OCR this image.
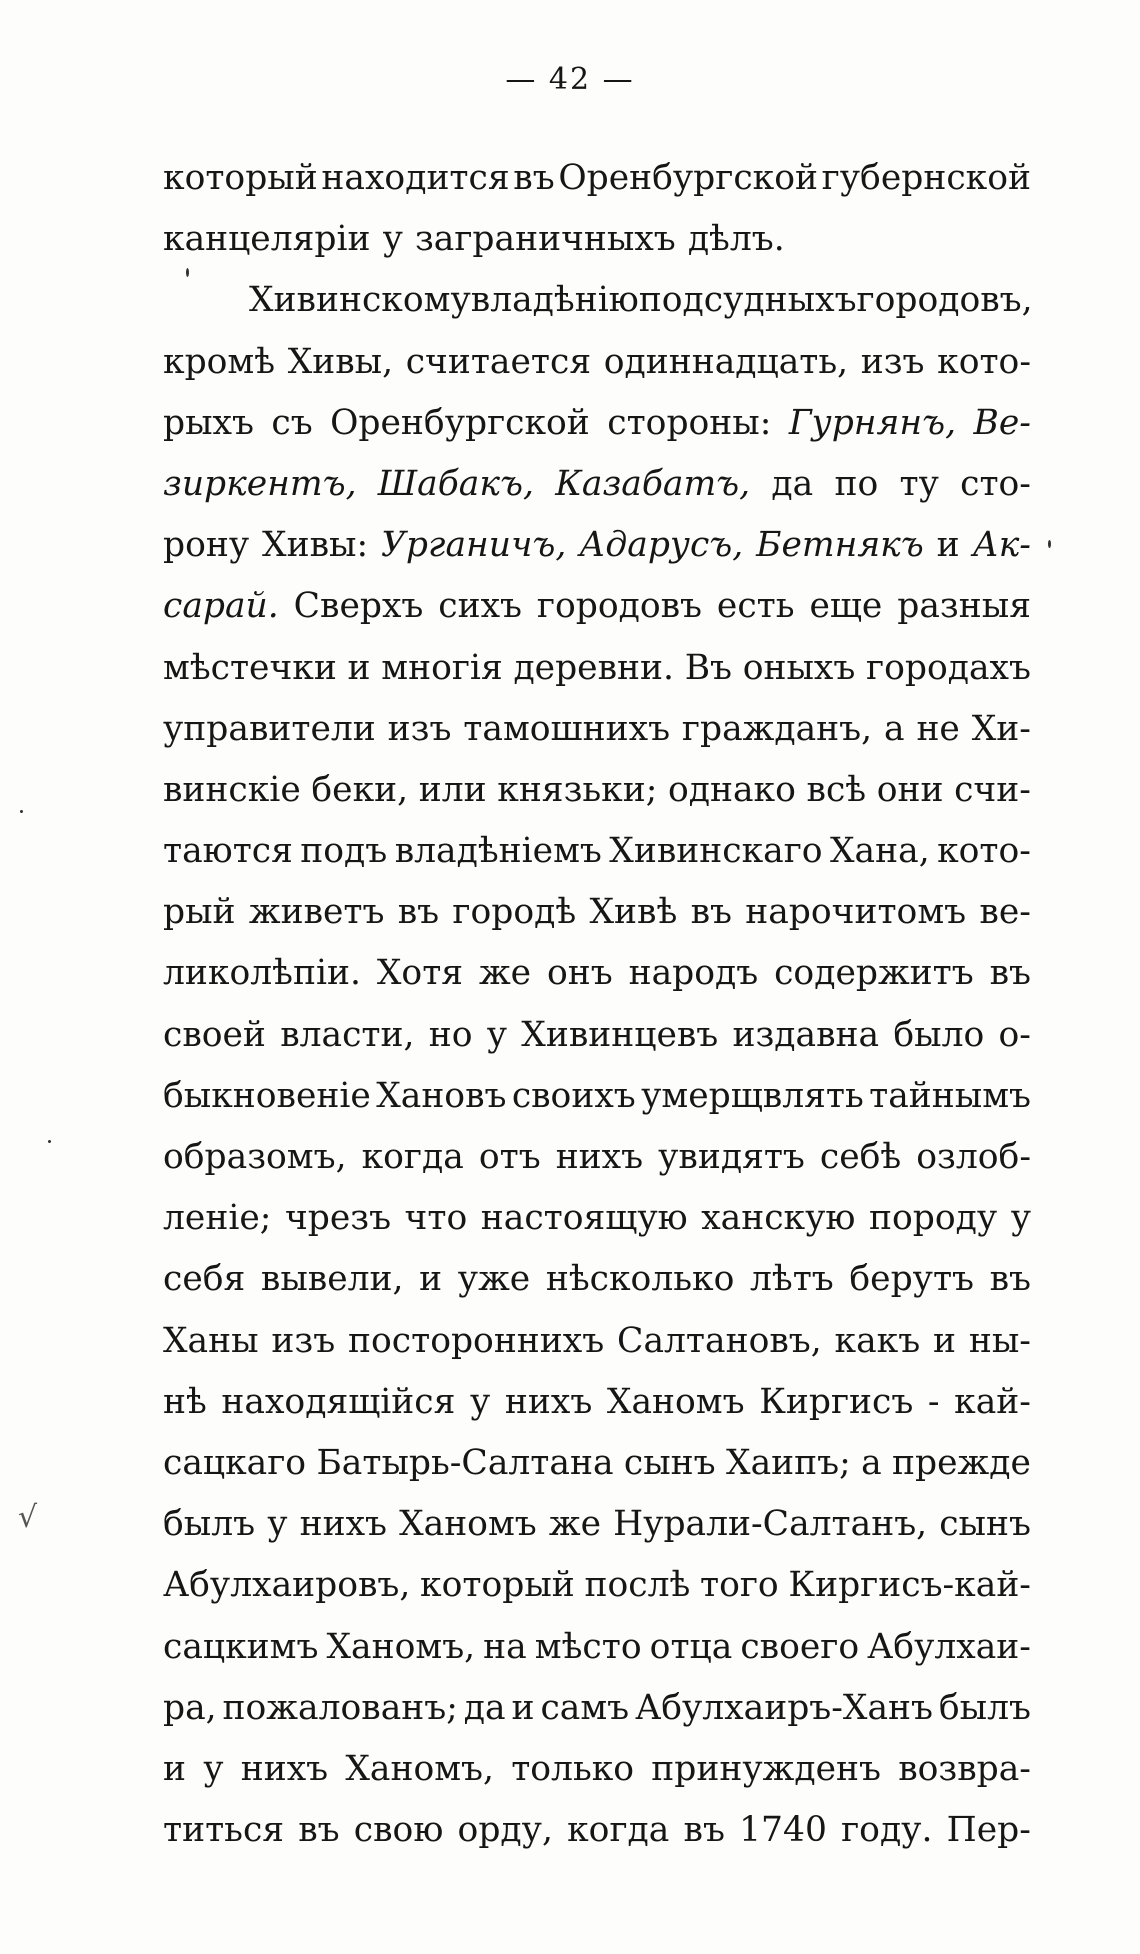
— 42 —
который находится въ Оренбургской губернской
канцеляріи у заграничныхъ дѣлъ.
Хивинскому владѣнію подсудныхъ городовъ,
кромѣ Хивы, считается одиннадцать, изъ кото-
рыхъ съ Оренбургской стороны: Гурнянъ, Ве-
зиркентъ, Шабакъ, Казабатъ, да по ту сто-
рону Хивы: Урганичъ, Адарусъ, Бетнякъ и Ак-
сарай. Сверхъ сихъ городовъ есть еще разныя
мѣстечки и многія деревни. Въ оныхъ городахъ
управители изъ тамошнихъ гражданъ, а не Хи-
винскіе беки, или князьки; однако всѣ они счи-
таются подъ владѣніемъ Хивинскаго Хана, кото-
рый живетъ въ городѣ Хивѣ въ нарочитомъ ве-
ликолѣпіи. Хотя же онъ народъ содержитъ въ
своей власти, но у Хивинцевъ издавна было о-
быкновеніе Хановъ своихъ умерщвлять тайнымъ
образомъ, когда отъ нихъ увидятъ себѣ озлоб-
леніе; чрезъ что настоящую ханскую породу у
себя вывели, и уже нѣсколько лѣтъ берутъ въ
Ханы изъ постороннихъ Салтановъ, какъ и ны-
нѣ находящійся у нихъ Ханомъ Киргисъ - кай-
сацкаго Батырь-Салтана сынъ Хаипъ; а прежде
былъ у нихъ Ханомъ же Нурали-Салтанъ, сынъ
Абулхаировъ, который послѣ того Киргисъ-кай-
сацкимъ Ханомъ, на мѣсто отца своего Абулхаи-
ра, пожалованъ; да и самъ Абулхаиръ-Ханъ былъ
и у нихъ Ханомъ, только принужденъ возвра-
титься въ свою орду, когда въ 1740 году. Пер-
√
